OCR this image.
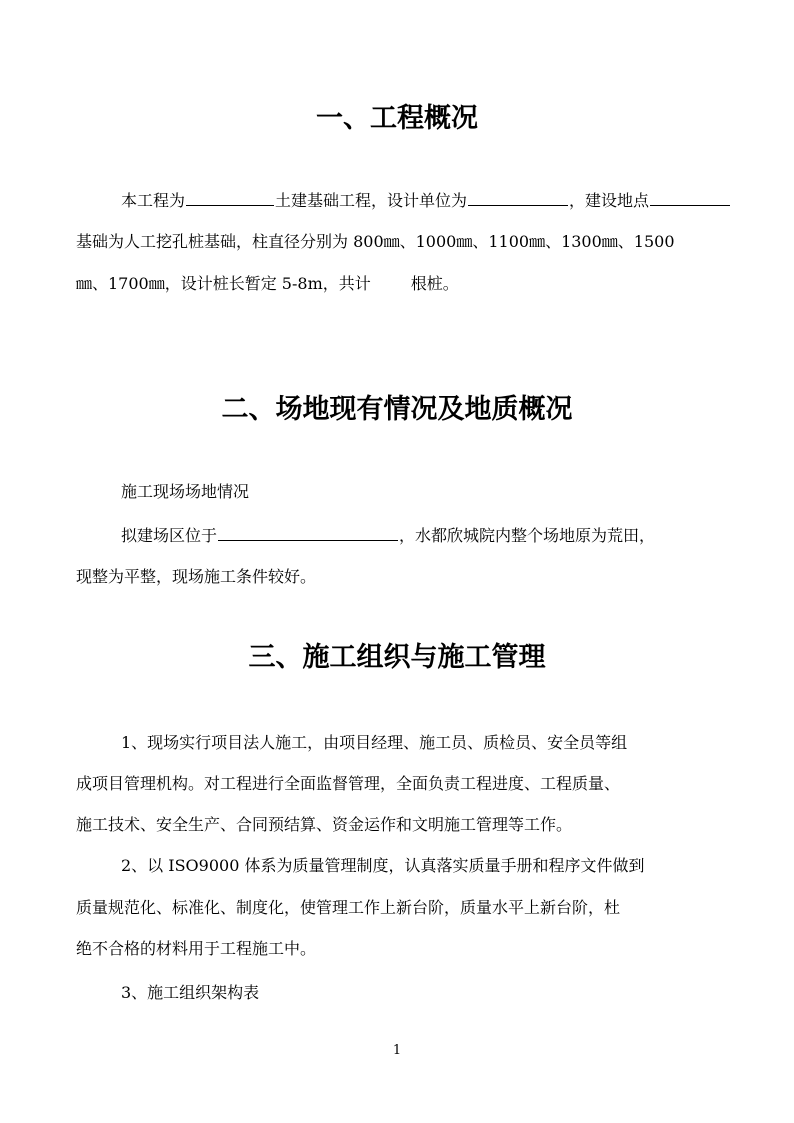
一、工程概况
本工程为	土建基础工程，设计单位为	，建设地点
基础为人工挖孔桩基础，柱直径分别为 800㎜、1000㎜、1100㎜、1300㎜、1500
㎜、1700㎜，设计桩长暂定 5-8m，共计	根桩。
二、场地现有情况及地质概况
施工现场场地情况
拟建场区位于	，水都欣城院内整个场地原为荒田，
现整为平整，现场施工条件较好。
三、施工组织与施工管理
1、现场实行项目法人施工，由项目经理、施工员、质检员、安全员等组
成项目管理机构。对工程进行全面监督管理，全面负责工程进度、工程质量、
施工技术、安全生产、合同预结算、资金运作和文明施工管理等工作。
2、以 ISO9000 体系为质量管理制度，认真落实质量手册和程序文件做到
质量规范化、标准化、制度化，使管理工作上新台阶，质量水平上新台阶，杜
绝不合格的材料用于工程施工中。
3、施工组织架构表
1
